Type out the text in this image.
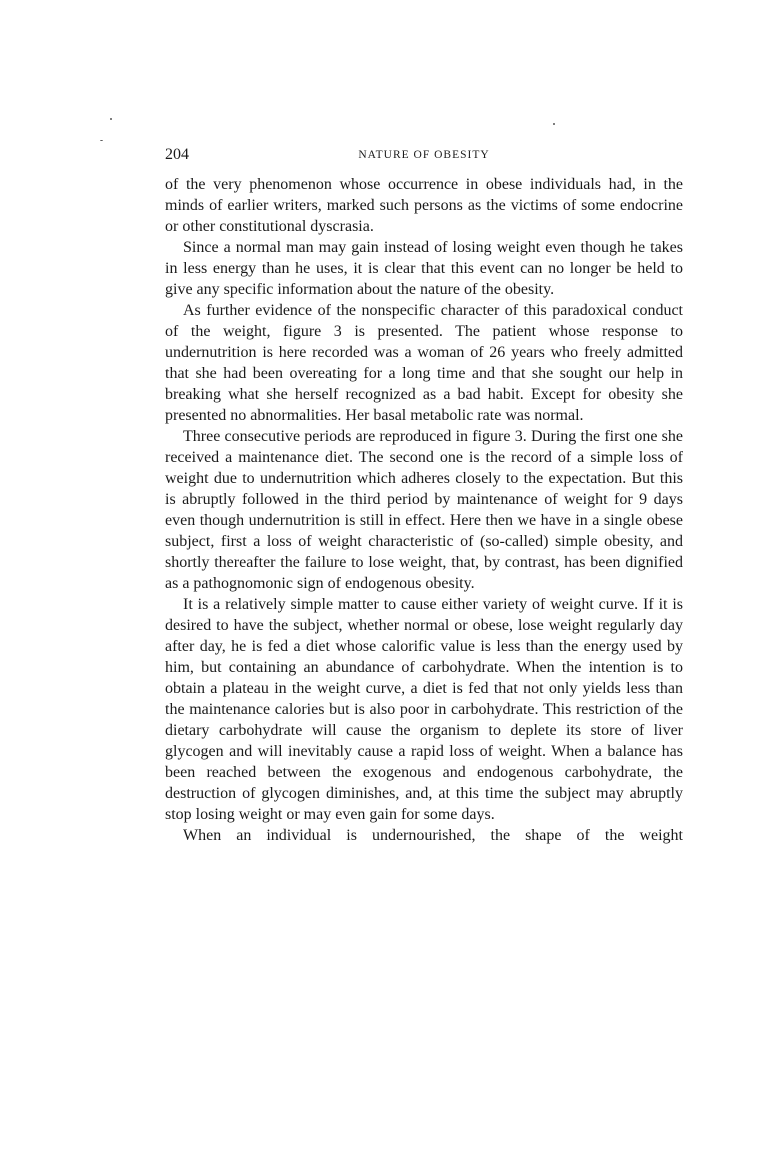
204	NATURE OF OBESITY

of the very phenomenon whose occurrence in obese individuals had, in the minds of earlier writers, marked such persons as the victims of some endocrine or other constitutional dyscrasia.

Since a normal man may gain instead of losing weight even though he takes in less energy than he uses, it is clear that this event can no longer be held to give any specific information about the nature of the obesity.

As further evidence of the nonspecific character of this paradoxical conduct of the weight, figure 3 is presented. The patient whose response to undernutrition is here recorded was a woman of 26 years who freely admitted that she had been overeating for a long time and that she sought our help in breaking what she herself recognized as a bad habit. Except for obesity she presented no abnormalities. Her basal metabolic rate was normal.

Three consecutive periods are reproduced in figure 3. During the first one she received a maintenance diet. The second one is the record of a simple loss of weight due to undernutrition which adheres closely to the expectation. But this is abruptly followed in the third period by maintenance of weight for 9 days even though undernutrition is still in effect. Here then we have in a single obese subject, first a loss of weight characteristic of (so-called) simple obesity, and shortly thereafter the failure to lose weight, that, by contrast, has been dignified as a pathognomonic sign of endogenous obesity.

It is a relatively simple matter to cause either variety of weight curve. If it is desired to have the subject, whether normal or obese, lose weight regularly day after day, he is fed a diet whose calorific value is less than the energy used by him, but containing an abundance of carbohydrate. When the intention is to obtain a plateau in the weight curve, a diet is fed that not only yields less than the maintenance calories but is also poor in carbohydrate. This restriction of the dietary carbohydrate will cause the organism to deplete its store of liver glycogen and will inevitably cause a rapid loss of weight. When a balance has been reached between the exogenous and endogenous carbohydrate, the destruction of glycogen diminishes, and, at this time the subject may abruptly stop losing weight or may even gain for some days.

When an individual is undernourished, the shape of the weight
